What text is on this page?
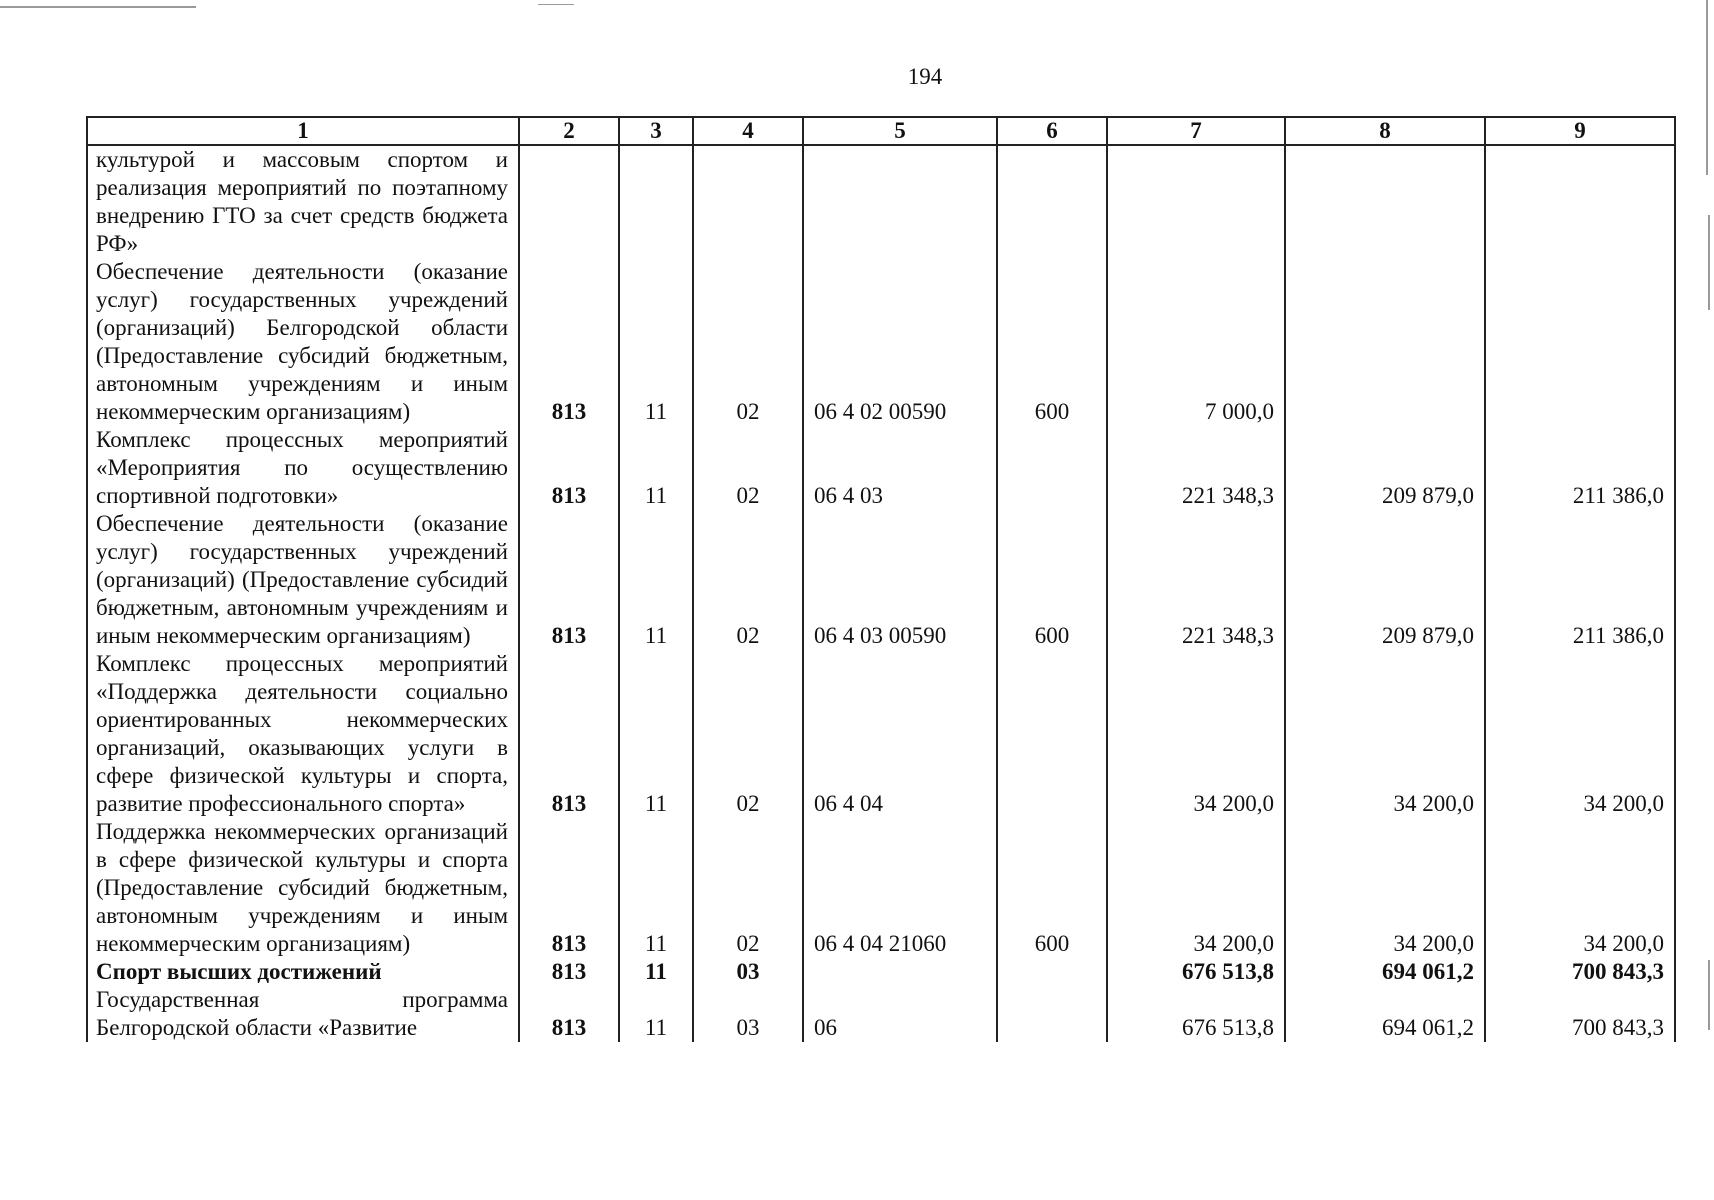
194
1	2	3	4	5	6	7	8	9
культурой и массовым спортом и реализация мероприятий по поэтапному внедрению ГТО за счет средств бюджета РФ»								
Обеспечение деятельности (оказание услуг) государственных учреждений (организаций) Белгородской области (Предоставление субсидий бюджетным, автономным учреждениям и иным некоммерческим организациям)	813	11	02	06 4 02 00590	600	7 000,0		
Комплекс процессных мероприятий «Мероприятия по осуществлению спортивной подготовки»	813	11	02	06 4 03		221 348,3	209 879,0	211 386,0
Обеспечение деятельности (оказание услуг) государственных учреждений (организаций) (Предоставление субсидий бюджетным, автономным учреждениям и иным некоммерческим организациям)	813	11	02	06 4 03 00590	600	221 348,3	209 879,0	211 386,0
Комплекс процессных мероприятий «Поддержка деятельности социально ориентированных некоммерческих организаций, оказывающих услуги в сфере физической культуры и спорта, развитие профессионального спорта»	813	11	02	06 4 04		34 200,0	34 200,0	34 200,0
Поддержка некоммерческих организаций в сфере физической культуры и спорта (Предоставление субсидий бюджетным, автономным учреждениям и иным некоммерческим организациям)	813	11	02	06 4 04 21060	600	34 200,0	34 200,0	34 200,0
Спорт высших достижений	813	11	03			676 513,8	694 061,2	700 843,3
Государственная программа Белгородской области «Развитие	813	11	03	06		676 513,8	694 061,2	700 843,3
